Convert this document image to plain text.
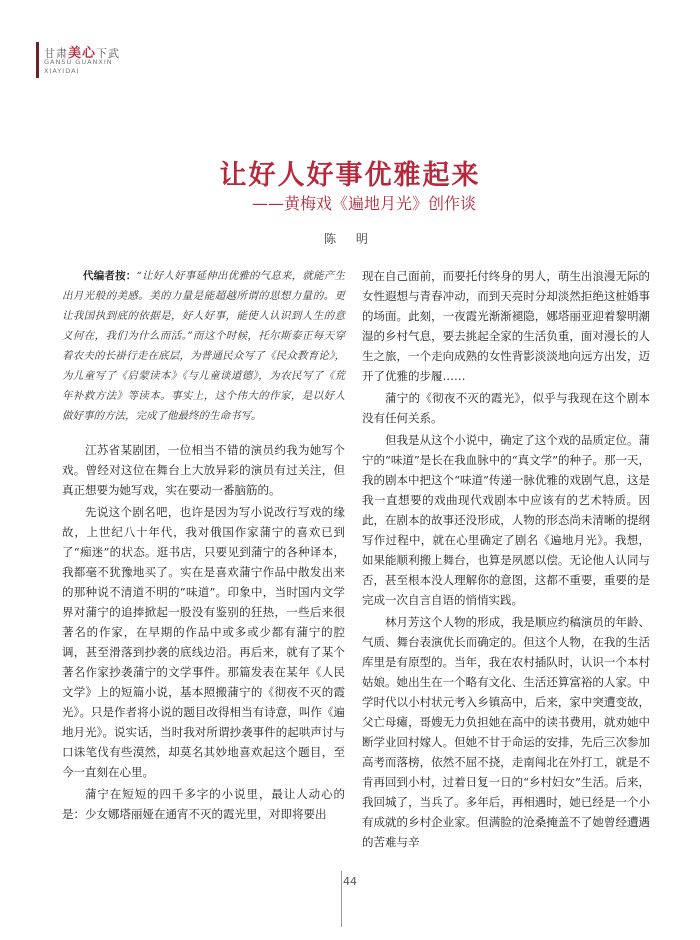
甘肃美心下武
GANSU GUANXIN
XIAYIDAI
让好人好事优雅起来
——黄梅戏《遍地月光》创作谈
陈 明
代编者按：“让好人好事延伸出优雅的气息来，就能产生出月光般的美感。美的力量是能超越所谓的思想力量的。更让我国执到底的依据是，好人好事，能使人认识到人生的意义何在，我们为什么而活。”而这个时候，托尔斯泰正每天穿着农夫的长褂行走在底层，为普通民众写了《民众教育论》，为儿童写了《启蒙读本》《与儿童谈道德》，为农民写了《荒年补救方法》等读本。事实上，这个伟大的作家，是以好人做好事的方法，完成了他最终的生命书写。

江苏省某剧团，一位相当不错的演员约我为她写个戏。曾经对这位在舞台上大放异彩的演员有过关注，但真正想要为她写戏，实在要动一番脑筋的。

先说这个剧名吧，也许是因为写小说改行写戏的缘故，上世纪八十年代，我对俄国作家蒲宁的喜欢已到了“痴迷”的状态。逛书店，只要见到蒲宁的各种译本，我都毫不犹豫地买了。实在是喜欢蒲宁作品中散发出来的那种说不清道不明的“味道”。印象中，当时国内文学界对蒲宁的追捧掀起一股没有鉴别的狂热，一些后来很著名的作家，在早期的作品中或多或少都有蒲宁的腔调，甚至滑落到抄袭的底线边沿。再后来，就有了某个著名作家抄袭蒲宁的文学事件。那篇发表在某年《人民文学》上的短篇小说，基本照搬蒲宁的《彻夜不灭的霞光》。只是作者将小说的题目改得相当有诗意，叫作《遍地月光》。说实话，当时我对所谓抄袭事件的起哄声讨与口诛笔伐有些漠然，却莫名其妙地喜欢起这个题目，至今一直刻在心里。

蒲宁在短短的四千多字的小说里，最让人动心的是：少女娜塔丽娅在通宵不灭的霞光里，对即将要出

现在自己面前，而要托付终身的男人，萌生出浪漫无际的女性遐想与青春冲动，而到天亮时分却淡然拒绝这桩婚事的场面。此刻，一夜霞光渐渐褪隐，娜塔丽亚迎着黎明潮湿的乡村气息，要去挑起全家的生活负重，面对漫长的人生之旅，一个走向成熟的女性背影淡淡地向远方出发，迈开了优雅的步履……

蒲宁的《彻夜不灭的霞光》，似乎与我现在这个剧本没有任何关系。

但我是从这个小说中，确定了这个戏的品质定位。蒲宁的“味道”是长在我血脉中的“真文学”的种子。那一天，我的剧本中把这个“味道”传递一脉优雅的戏剧气息，这是我一直想要的戏曲现代戏剧本中应该有的艺术特质。因此，在剧本的故事还没形成，人物的形态尚未清晰的提纲写作过程中，就在心里确定了剧名《遍地月光》。我想，如果能顺利搬上舞台，也算是夙愿以偿。无论他人认同与否，甚至根本没人理解你的意图，这都不重要，重要的是完成一次自言自语的悄悄实践。

林月芳这个人物的形成，我是顺应约稿演员的年龄、气质、舞台表演优长而确定的。但这个人物，在我的生活库里是有原型的。当年，我在农村插队时，认识一个本村姑娘。她出生在一个略有文化、生活还算富裕的人家。中学时代以小村状元考入乡镇高中，后来，家中突遭变故，父亡母瘫，哥嫂无力负担她在高中的读书费用，就劝她中断学业回村嫁人。但她不甘于命运的安排，先后三次参加高考而落榜，依然不屈不挠，走南闯北在外打工，就是不肯再回到小村，过着日复一日的“乡村妇女”生活。后来，我回城了，当兵了。多年后，再相遇时，她已经是一个小有成就的乡村企业家。但满脸的沧桑掩盖不了她曾经遭遇的苦难与辛

44
